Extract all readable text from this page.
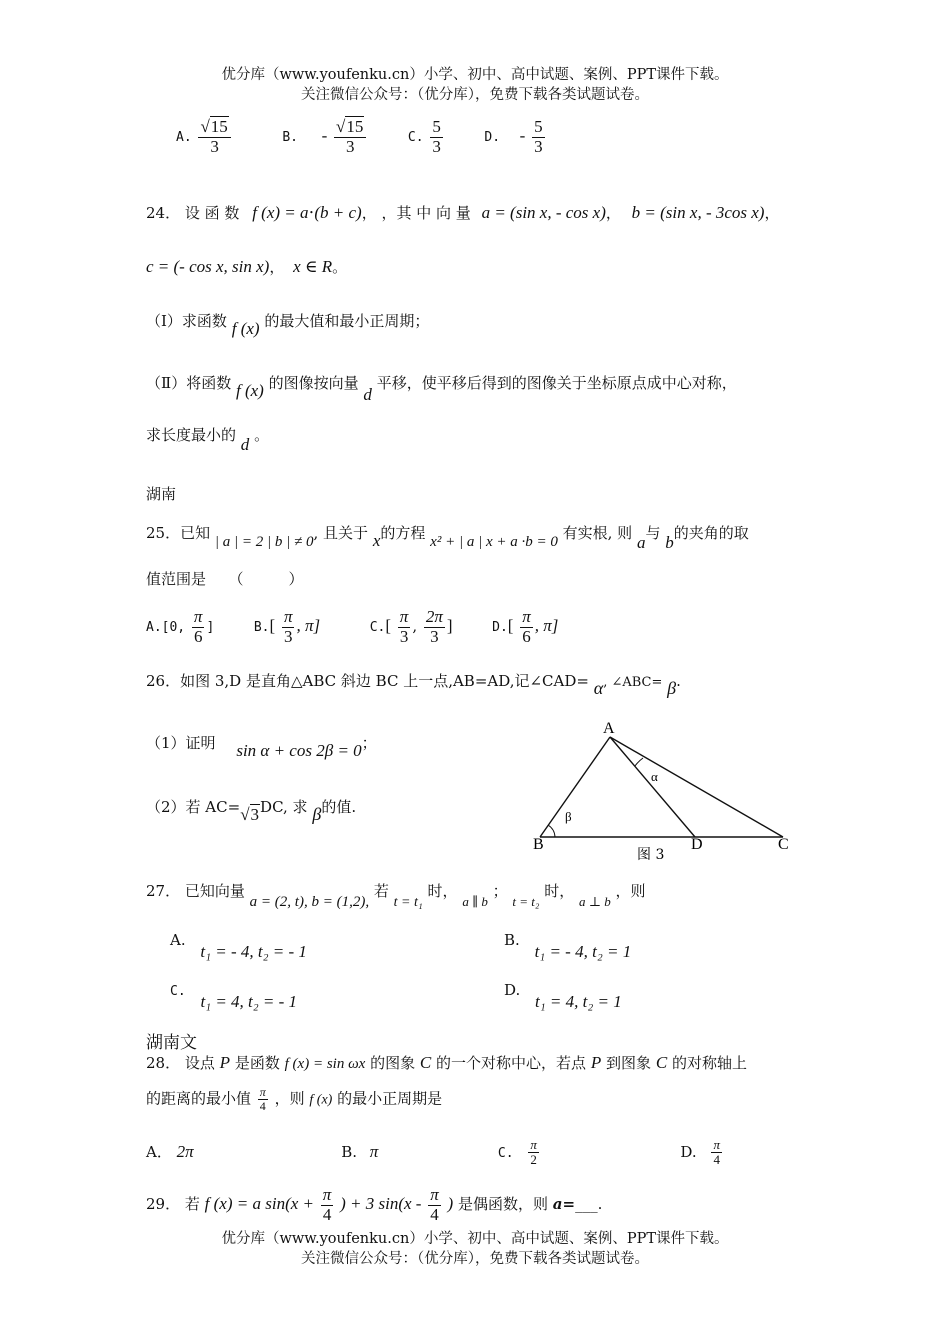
优分库（www.youfenku.cn）小学、初中、高中试题、案例、PPT课件下载。
关注微信公众号：（优分库），免费下载各类试题试卷。
A. $\frac{√15}{3}$	B. - $\frac{√15}{3}$	C. $\frac{5}{3}$	D. - $\frac{5}{3}$
24． 设 函 数 f (x) = a⋅(b + c)， ，其 中 向 量 a = (sin x, - cos x)， b = (sin x, - 3cos x)，
c = (- cos x, sin x)， x ∈ R。
（Ⅰ）求函数 f (x) 的最大值和最小正周期；
（Ⅱ）将函数 f (x) 的图像按向量 d 平移，使平移后得到的图像关于坐标原点成中心对称，
求长度最小的 d 。
湖南
25．已知 | a | = 2 | b | ≠ 0, 且关于 x的方程 x² + | a | x + a ·b = 0 有实根, 则 a与 b的夹角的取
值范围是　　（　　　）
A.[0, $\frac{\pi}{6}$ ]	$B.[ \frac{\pi}{3}$ , π]	$C.[ \frac{\pi}{3}$ , $\frac{2\pi}{3}$ ]	$D.[ \frac{\pi}{6}$ , π]
26．如图 3,D 是直角△ABC 斜边 BC 上一点,AB=AD,记∠CAD= α, ∠ABC= β.
（1）证明 sin α + cos 2β = 0；
（2）若 AC=√3DC, 求 β的值.
A
B	D	C
α
β
图 3
27． 已知向量 a = (2, t), b = (1,2), 若 t = t₁ 时， a ∥ b ； t = t₂ 时， a ⊥ b ，则
A. t₁ = - 4, t₂ = - 1
B. t₁ = - 4, t₂ = 1
C. t₁ = 4, t₂ = - 1
D. t₁ = 4, t₂ = 1
湖南文
28． 设点 P 是函数 f (x) = sin ωx 的图象 C 的一个对称中心，若点 P 到图象 C 的对称轴上
的距离的最小值 $\frac{\pi}{4}$ ，则 f (x) 的最小正周期是
A． 2π	B. π	C. $\frac{\pi}{2}$	D. $\frac{\pi}{4}$
29． 若 f (x) = a $\sin(x + \frac{\pi}{4}$ ) + 3 $\sin(x - \frac{\pi}{4}$ ) 是偶函数，则 a=___.
优分库（www.youfenku.cn）小学、初中、高中试题、案例、PPT课件下载。
关注微信公众号：（优分库），免费下载各类试题试卷。
